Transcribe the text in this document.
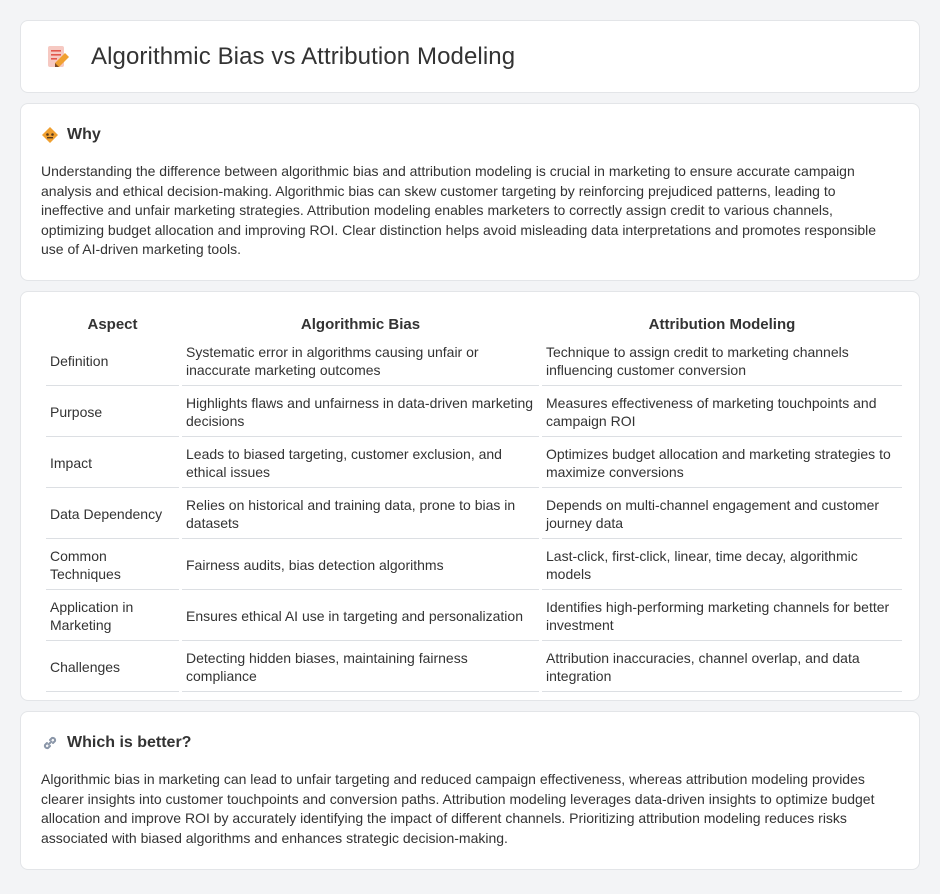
Algorithmic Bias vs Attribution Modeling
Why

Understanding the difference between algorithmic bias and attribution modeling is crucial in marketing to ensure accurate campaign analysis and ethical decision-making. Algorithmic bias can skew customer targeting by reinforcing prejudiced patterns, leading to ineffective and unfair marketing strategies. Attribution modeling enables marketers to correctly assign credit to various channels, optimizing budget allocation and improving ROI. Clear distinction helps avoid misleading data interpretations and promotes responsible use of AI-driven marketing tools.

Aspect	Algorithmic Bias	Attribution Modeling
Definition	Systematic error in algorithms causing unfair or inaccurate marketing outcomes	Technique to assign credit to marketing channels influencing customer conversion
Purpose	Highlights flaws and unfairness in data-driven marketing decisions	Measures effectiveness of marketing touchpoints and campaign ROI
Impact	Leads to biased targeting, customer exclusion, and ethical issues	Optimizes budget allocation and marketing strategies to maximize conversions
Data Dependency	Relies on historical and training data, prone to bias in datasets	Depends on multi-channel engagement and customer journey data
Common Techniques	Fairness audits, bias detection algorithms	Last-click, first-click, linear, time decay, algorithmic models
Application in Marketing	Ensures ethical AI use in targeting and personalization	Identifies high-performing marketing channels for better investment
Challenges	Detecting hidden biases, maintaining fairness compliance	Attribution inaccuracies, channel overlap, and data integration
Which is better?

Algorithmic bias in marketing can lead to unfair targeting and reduced campaign effectiveness, whereas attribution modeling provides clearer insights into customer touchpoints and conversion paths. Attribution modeling leverages data-driven insights to optimize budget allocation and improve ROI by accurately identifying the impact of different channels. Prioritizing attribution modeling reduces risks associated with biased algorithms and enhances strategic decision-making.
